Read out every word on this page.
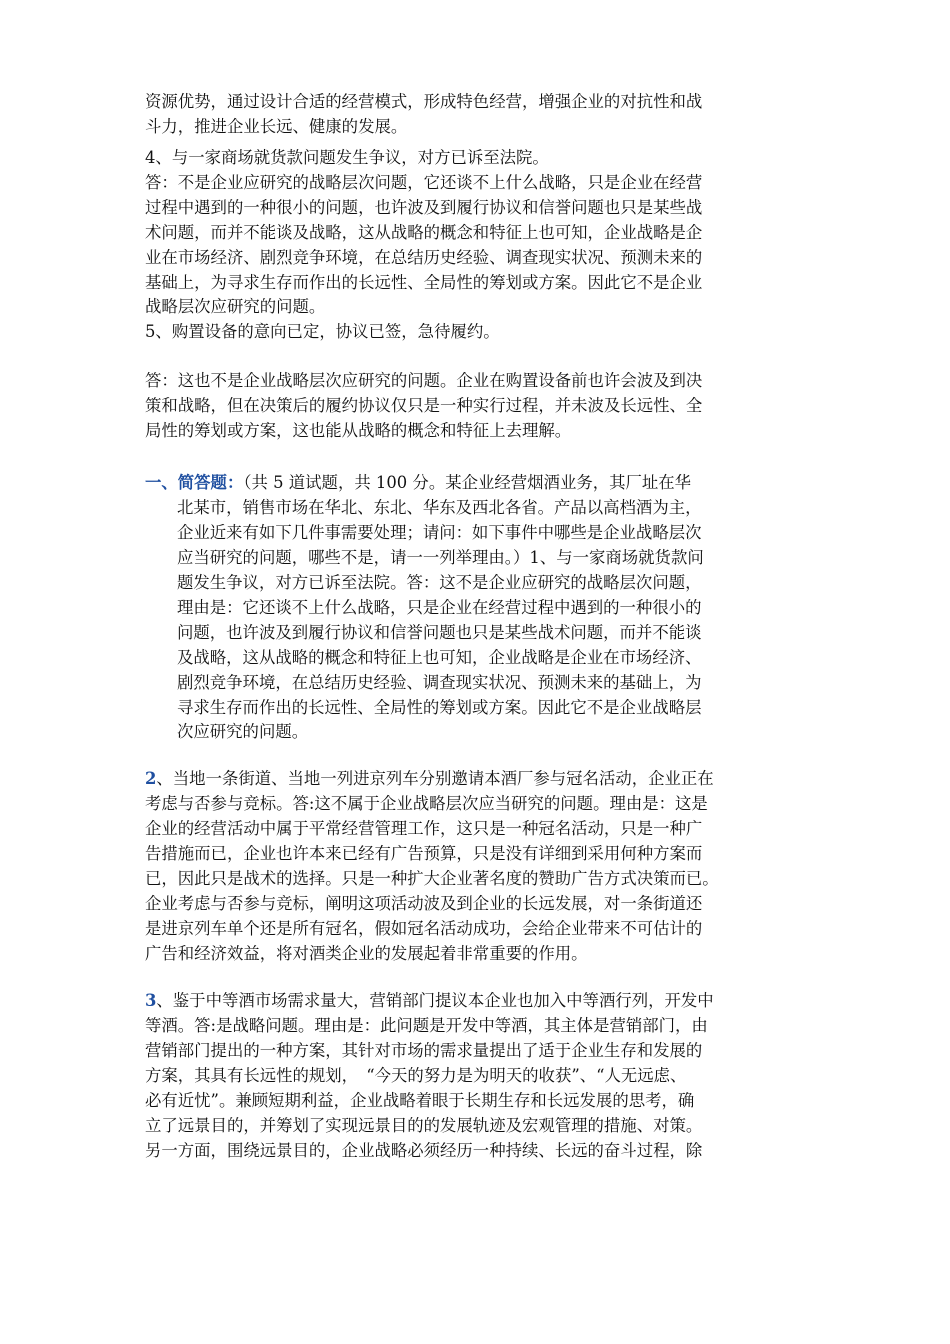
资源优势，通过设计合适的经营模式，形成特色经营，增强企业的对抗性和战
斗力，推进企业长远、健康的发展。
4、与一家商场就货款问题发生争议，对方已诉至法院。
答：不是企业应研究的战略层次问题，它还谈不上什么战略，只是企业在经营
过程中遇到的一种很小的问题，也许波及到履行协议和信誉问题也只是某些战
术问题，而并不能谈及战略，这从战略的概念和特征上也可知，企业战略是企
业在市场经济、剧烈竞争环境，在总结历史经验、调查现实状况、预测未来的
基础上，为寻求生存而作出的长远性、全局性的筹划或方案。因此它不是企业
战略层次应研究的问题。
5、购置设备的意向已定，协议已签，急待履约。
答：这也不是企业战略层次应研究的问题。企业在购置设备前也许会波及到决
策和战略，但在决策后的履约协议仅只是一种实行过程，并未波及长远性、全
局性的筹划或方案，这也能从战略的概念和特征上去理解。
一、简答题：（共 5 道试题，共 100 分。某企业经营烟酒业务，其厂址在华
北某市，销售市场在华北、东北、华东及西北各省。产品以高档酒为主，
企业近来有如下几件事需要处理；请问：如下事件中哪些是企业战略层次
应当研究的问题，哪些不是，请一一列举理由。）1、与一家商场就货款问
题发生争议，对方已诉至法院。答：这不是企业应研究的战略层次问题，
理由是：它还谈不上什么战略，只是企业在经营过程中遇到的一种很小的
问题，也许波及到履行协议和信誉问题也只是某些战术问题，而并不能谈
及战略，这从战略的概念和特征上也可知，企业战略是企业在市场经济、
剧烈竞争环境，在总结历史经验、调查现实状况、预测未来的基础上，为
寻求生存而作出的长远性、全局性的筹划或方案。因此它不是企业战略层
次应研究的问题。
2、当地一条街道、当地一列进京列车分别邀请本酒厂参与冠名活动，企业正在
考虑与否参与竞标。答:这不属于企业战略层次应当研究的问题。理由是：这是
企业的经营活动中属于平常经营管理工作，这只是一种冠名活动，只是一种广
告措施而已，企业也许本来已经有广告预算，只是没有详细到采用何种方案而
已，因此只是战术的选择。只是一种扩大企业著名度的赞助广告方式决策而已。
企业考虑与否参与竞标，阐明这项活动波及到企业的长远发展，对一条街道还
是进京列车单个还是所有冠名，假如冠名活动成功，会给企业带来不可估计的
广告和经济效益，将对酒类企业的发展起着非常重要的作用。
3、鉴于中等酒市场需求量大，营销部门提议本企业也加入中等酒行列，开发中
等酒。答:是战略问题。理由是：此问题是开发中等酒，其主体是营销部门，由
营销部门提出的一种方案，其针对市场的需求量提出了适于企业生存和发展的
方案，其具有长远性的规划，　“今天的努力是为明天的收获”、“人无远虑、
必有近忧”。兼顾短期利益，企业战略着眼于长期生存和长远发展的思考，确
立了远景目的，并筹划了实现远景目的的发展轨迹及宏观管理的措施、对策。
另一方面，围绕远景目的，企业战略必须经历一种持续、长远的奋斗过程，除
